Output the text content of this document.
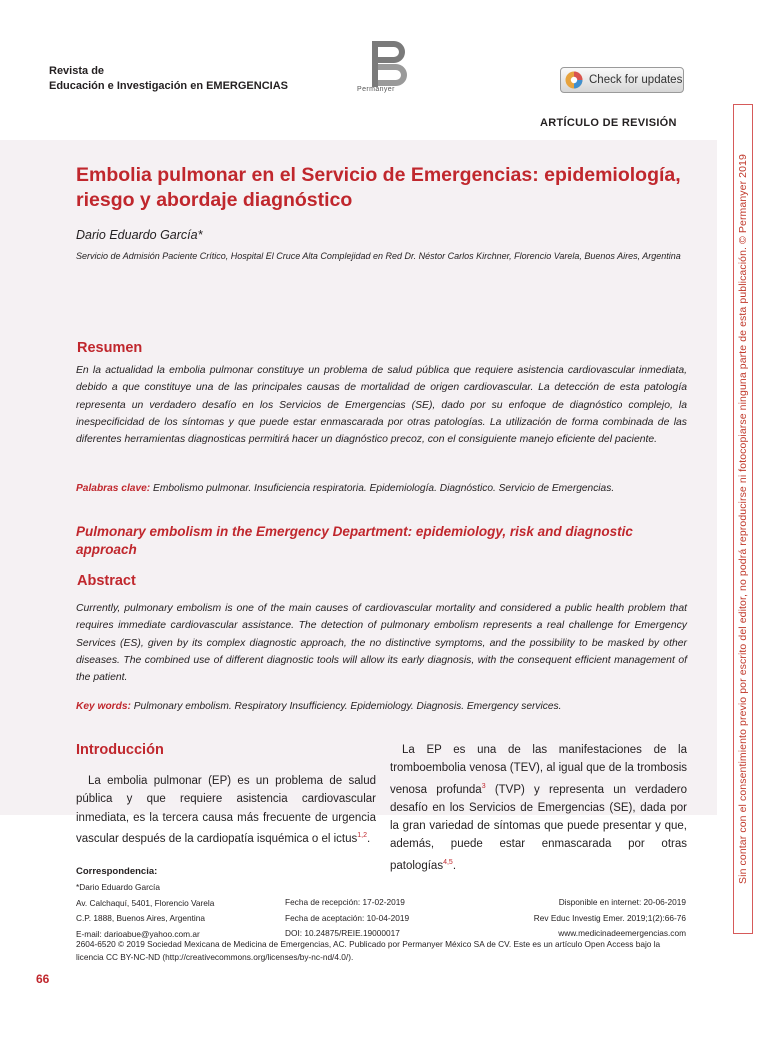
Revista de
Educación e Investigación en EMERGENCIAS	Permanyer
Check for updates
Sin contar con el consentimiento previo por escrito del editor, no podrá reproducirse ni fotocopiarse ninguna parte de esta publicación. © Permanyer 2019
ARTÍCULO DE REVISIÓN
Embolia pulmonar en el Servicio de Emergencias: epidemiología, riesgo y abordaje diagnóstico
Dario Eduardo García*
Servicio de Admisión Paciente Crítico, Hospital El Cruce Alta Complejidad en Red Dr. Néstor Carlos Kirchner, Florencio Varela, Buenos Aires, Argentina
Resumen
En la actualidad la embolia pulmonar constituye un problema de salud pública que requiere asistencia cardiovascular inmediata, debido a que constituye una de las principales causas de mortalidad de origen cardiovascular. La detección de esta patología representa un verdadero desafío en los Servicios de Emergencias (SE), dado por su enfoque de diagnóstico complejo, la inespecificidad de los síntomas y que puede estar enmascarada por otras patologías. La utilización de forma combinada de las diferentes herramientas diagnosticas permitirá hacer un diagnóstico precoz, con el consiguiente manejo eficiente del paciente.
Palabras clave: Embolismo pulmonar. Insuficiencia respiratoria. Epidemiología. Diagnóstico. Servicio de Emergencias.
Pulmonary embolism in the Emergency Department: epidemiology, risk and diagnostic approach
Abstract
Currently, pulmonary embolism is one of the main causes of cardiovascular mortality and considered a public health problem that requires immediate cardiovascular assistance. The detection of pulmonary embolism represents a real challenge for Emergency Services (ES), given by its complex diagnostic approach, the no distinctive symptoms, and the possibility to be masked by other diseases. The combined use of different diagnostic tools will allow its early diagnosis, with the consequent efficient management of the patient.
Key words: Pulmonary embolism. Respiratory Insufficiency. Epidemiology. Diagnosis. Emergency services.
Introducción
La embolia pulmonar (EP) es un problema de salud pública y que requiere asistencia cardiovascular inmediata, es la tercera causa más frecuente de urgencia vascular después de la cardiopatía isquémica o el ictus$^{1,2}$.
La EP es una de las manifestaciones de la tromboembolia venosa (TEV), al igual que de la trombosis venosa profunda$^3$ (TVP) y representa un verdadero desafío en los Servicios de Emergencias (SE), dada por la gran variedad de síntomas que puede presentar y que, además, puede estar enmascarada por otras patologías$^{4,5}$.
Correspondencia:
*Dario Eduardo García
Av. Calchaquí, 5401, Florencio Varela
C.P. 1888, Buenos Aires, Argentina
E-mail: darioabue@yahoo.com.ar
Fecha de recepción: 17-02-2019
Fecha de aceptación: 10-04-2019
DOI: 10.24875/REIE.19000017
Disponible en internet: 20-06-2019
Rev Educ Investig Emer. 2019;1(2):66-76
www.medicinadeemergencias.com
2604-6520 © 2019 Sociedad Mexicana de Medicina de Emergencias, AC. Publicado por Permanyer México SA de CV. Este es un artículo Open Access bajo la licencia CC BY-NC-ND (http://creativecommons.org/licenses/by-nc-nd/4.0/).
66
